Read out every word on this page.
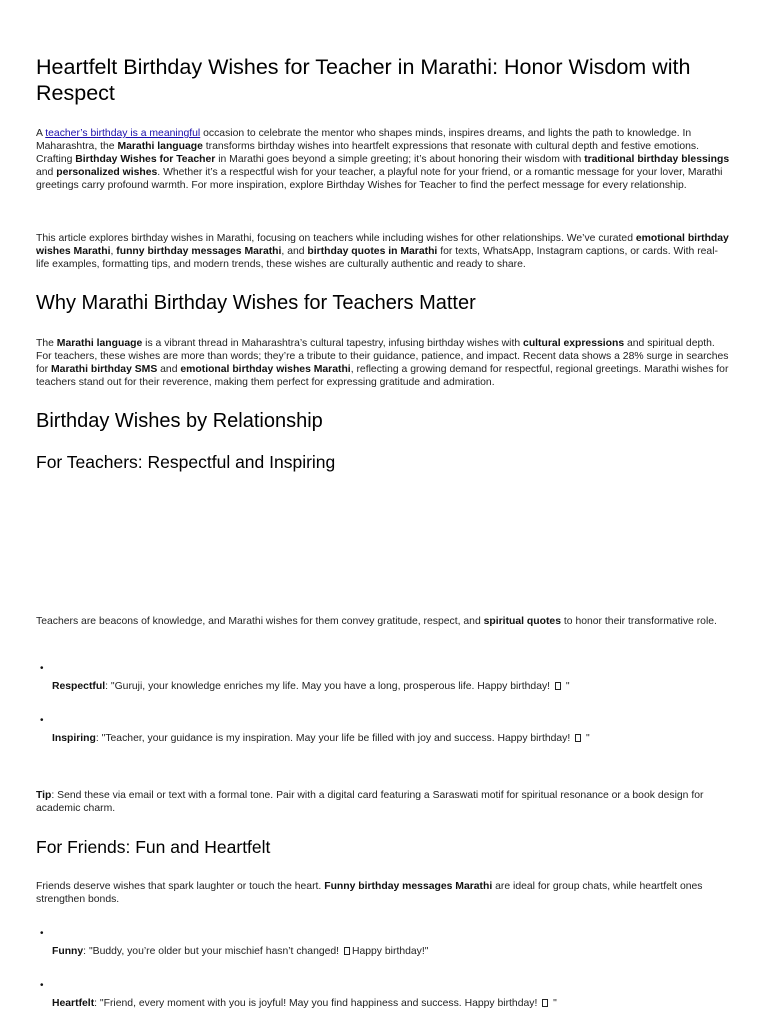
Heartfelt Birthday Wishes for Teacher in Marathi: Honor Wisdom with Respect

A teacher’s birthday is a meaningful occasion to celebrate the mentor who shapes minds, inspires dreams, and lights the path to knowledge. In Maharashtra, the Marathi language transforms birthday wishes into heartfelt expressions that resonate with cultural depth and festive emotions. Crafting Birthday Wishes for Teacher in Marathi goes beyond a simple greeting; it’s about honoring their wisdom with traditional birthday blessings and personalized wishes. Whether it’s a respectful wish for your teacher, a playful note for your friend, or a romantic message for your lover, Marathi greetings carry profound warmth. For more inspiration, explore Birthday Wishes for Teacher to find the perfect message for every relationship.

This article explores birthday wishes in Marathi, focusing on teachers while including wishes for other relationships. We’ve curated emotional birthday wishes Marathi, funny birthday messages Marathi, and birthday quotes in Marathi for texts, WhatsApp, Instagram captions, or cards. With real-life examples, formatting tips, and modern trends, these wishes are culturally authentic and ready to share.

Why Marathi Birthday Wishes for Teachers Matter

The Marathi language is a vibrant thread in Maharashtra’s cultural tapestry, infusing birthday wishes with cultural expressions and spiritual depth. For teachers, these wishes are more than words; they’re a tribute to their guidance, patience, and impact. Recent data shows a 28% surge in searches for Marathi birthday SMS and emotional birthday wishes Marathi, reflecting a growing demand for respectful, regional greetings. Marathi wishes for teachers stand out for their reverence, making them perfect for expressing gratitude and admiration.

Birthday Wishes by Relationship
For Teachers: Respectful and Inspiring

Teachers are beacons of knowledge, and Marathi wishes for them convey gratitude, respect, and spiritual quotes to honor their transformative role.

•

Respectful: "Guruji, your knowledge enriches my life. May you have a long, prosperous life. Happy birthday!  "

•

Inspiring: "Teacher, your guidance is my inspiration. May your life be filled with joy and success. Happy birthday!  "

Tip: Send these via email or text with a formal tone. Pair with a digital card featuring a Saraswati motif for spiritual resonance or a book design for academic charm.

For Friends: Fun and Heartfelt

Friends deserve wishes that spark laughter or touch the heart. Funny birthday messages Marathi are ideal for group chats, while heartfelt ones strengthen bonds.

•

Funny: "Buddy, you’re older but your mischief hasn’t changed! Happy birthday!"

•

Heartfelt: "Friend, every moment with you is joyful! May you find happiness and success. Happy birthday!  "
